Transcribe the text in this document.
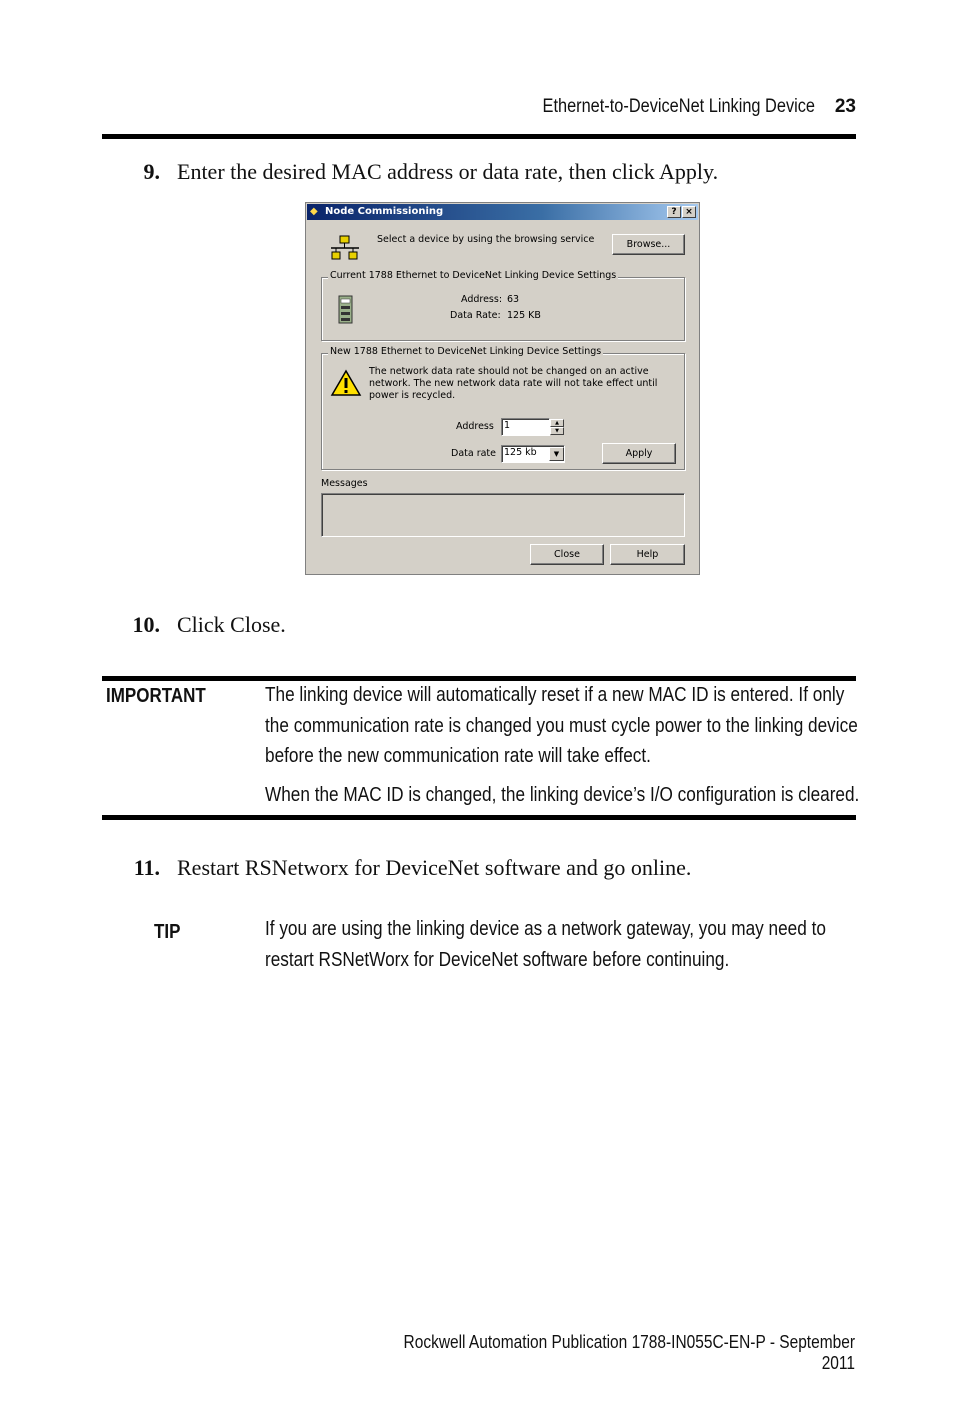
Ethernet-to-DeviceNet Linking Device	23
9. Enter the desired MAC address or data rate, then click Apply.
◆ Node Commissioning	? ×
Select a device by using the browsing service	Browse...
Current 1788 Ethernet to DeviceNet Linking Device Settings
Address: 63
Data Rate: 125 KB
New 1788 Ethernet to DeviceNet Linking Device Settings
The network data rate should not be changed on an active network. The new network data rate will not take effect until power is recycled.
Address	1	▲
▼
Data rate 125 kb	▼	Apply
Messages
Close	Help
10. Click Close.
IMPORTANT	The linking device will automatically reset if a new MAC ID is entered. If only the communication rate is changed you must cycle power to the linking device before the new communication rate will take effect.
When the MAC ID is changed, the linking device’s I/O configuration is cleared.
11. Restart RSNetworx for DeviceNet software and go online.
TIP	If you are using the linking device as a network gateway, you may need to restart RSNetWorx for DeviceNet software before continuing.
Rockwell Automation Publication 1788-IN055C-EN-P - September 2011
